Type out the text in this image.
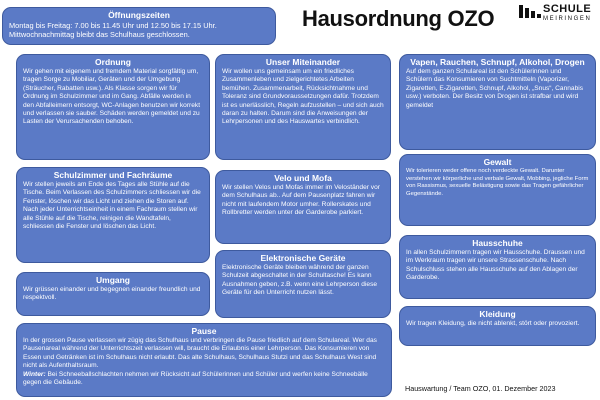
Hausordnung OZO	SCHULE
MEIRINGEN
Öffnungszeiten

Montag bis Freitag: 7.00 bis 11.45 Uhr und 12.50 bis 17.15 Uhr.

Mittwochnachmittag bleibt das Schulhaus geschlossen.

Ordnung

Wir gehen mit eigenem und fremdem Material sorgfältig um, tragen Sorge zu Mobiliar, Geräten und der Umgebung (Sträucher, Rabatten usw.). Als Klasse sorgen wir für Ordnung im Schulzimmer und im Gang. Abfälle werden in den Abfalleimern entsorgt, WC-Anlagen benutzen wir korrekt und verlassen sie sauber. Schäden werden gemeldet und zu Lasten der Verursachenden behoben.

Unser Miteinander

Wir wollen uns gemeinsam um ein friedliches Zusammenleben und zielgerichtetes Arbeiten bemühen. Zusammenarbeit, Rücksichtnahme und Toleranz sind Grundvoraussetzungen dafür. Trotzdem ist es unerlässlich, Regeln aufzustellen – und sich auch daran zu halten. Darum sind die Anweisungen der Lehrpersonen und des Hauswartes verbindlich.

Vapen, Rauchen, Schnupf, Alkohol, Drogen

Auf dem ganzen Schulareal ist den Schülerinnen und Schülern das Konsumieren von Suchtmitteln (Vaporizer, Zigaretten, E-Zigaretten, Schnupf, Alkohol, „Snus“, Cannabis usw.) verboten. Der Besitz von Drogen ist strafbar und wird gemeldet

Schulzimmer und Fachräume

Wir stellen jeweils am Ende des Tages alle Stühle auf die Tische. Beim Verlassen des Schulzimmers schliessen wir die Fenster, löschen wir das Licht und ziehen die Storen auf. Nach jeder Unterrichtseinheit in einem Fachraum stellen wir alle Stühle auf die Tische, reinigen die Wandtafeln, schliessen die Fenster und löschen das Licht.

Velo und Mofa

Wir stellen Velos und Mofas immer im Veloständer vor dem Schulhaus ab.. Auf dem Pausenplatz fahren wir nicht mit laufendem Motor umher. Rollerskates und Rollbretter werden unter der Garderobe parkiert.

Gewalt

Wir tolerieren weder offene noch verdeckte Gewalt. Darunter verstehen wir körperliche und verbale Gewalt, Mobbing, jegliche Form von Rassismus, sexuelle Belästigung sowie das Tragen gefährlicher Gegenstände.

Umgang

Wir grüssen einander und begegnen einander freundlich und respektvoll.

Elektronische Geräte

Elektronische Geräte bleiben während der ganzen Schulzeit abgeschaltet in der Schultasche! Es kann Ausnahmen geben, z.B. wenn eine Lehrperson diese Geräte für den Unterricht nutzen lässt.

Hausschuhe

In allen Schulzimmern tragen wir Hausschuhe. Draussen und im Werkraum tragen wir unsere Strassenschuhe. Nach Schulschluss stehen alle Hausschuhe auf den Ablagen der Garderobe.

Kleidung

Wir tragen Kleidung, die nicht ablenkt, stört oder provoziert.

Pause

In der grossen Pause verlassen wir zügig das Schulhaus und verbringen die Pause friedlich auf dem Schulareal. Wer das Pausenareal während der Unterrichtszeit verlassen will, braucht die Erlaubnis einer Lehrperson. Das Konsumieren von Essen und Getränken ist im Schulhaus nicht erlaubt. Das alte Schulhaus, Schulhaus Stutzi und das Schulhaus West sind nicht als Aufenthaltsraum.
Winter: Bei Schneeballschlachten nehmen wir Rücksicht auf Schülerinnen und Schüler und werfen keine Schneebälle gegen die Gebäude.

Hauswartung / Team OZO, 01. Dezember 2023
